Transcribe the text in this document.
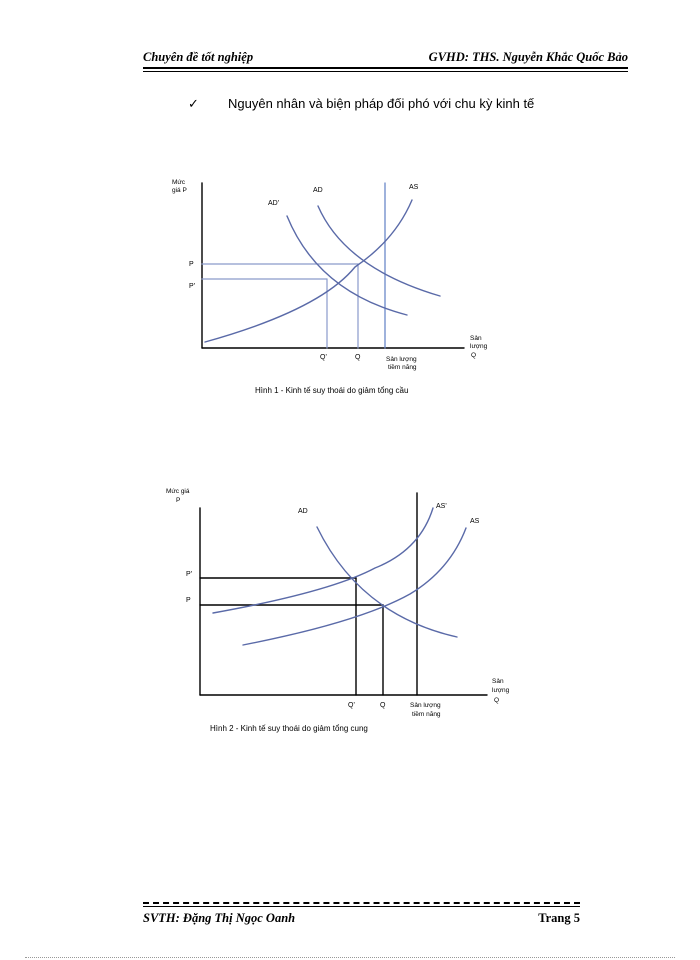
Chuyên đề tốt nghiệp	GVHD: THS. Nguyễn Khắc Quốc Bảo
✓ Nguyên nhân và biện pháp đối phó với chu kỳ kinh tế
Mức
giá P
AD'
AD	AS
P
P'
Q'	Q	Sản lượng
tiềm năng
Sản
lượng
Q
Hình 1 - Kinh tế suy thoái do giảm tổng cầu
Mức giá
P
AD
AS'
AS
P'
P
Q'	Q	Sản lượng
tiềm năng
Sản
lượng
Q
Hình 2 - Kinh tế suy thoái do giảm tổng cung
SVTH: Đặng Thị Ngọc Oanh	Trang 5
